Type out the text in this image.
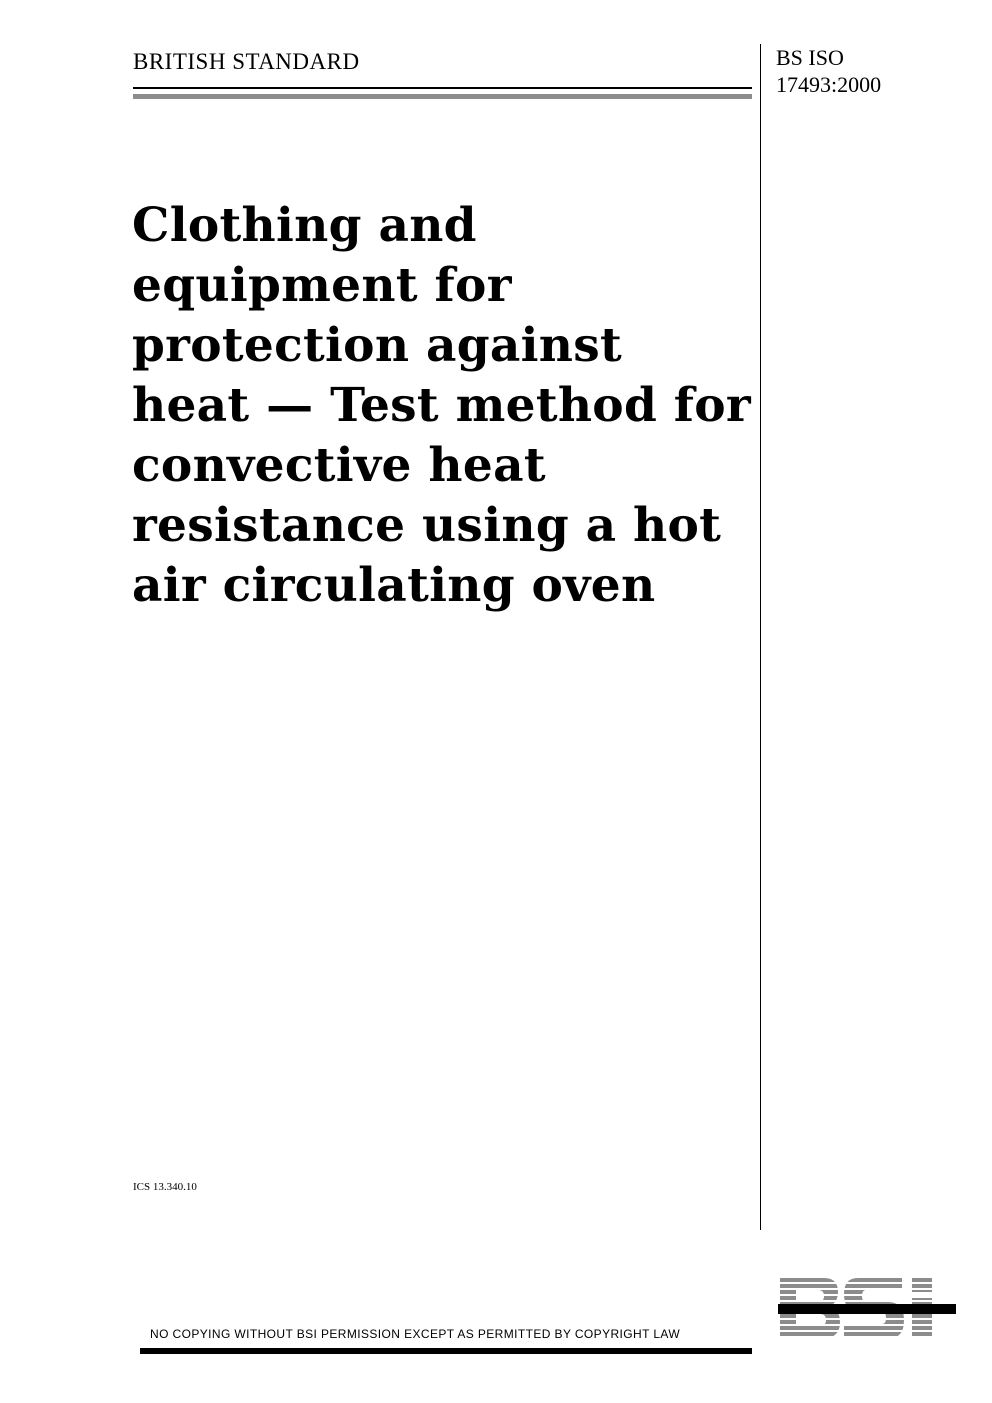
BRITISH STANDARD	BS ISO
17493:2000
Clothing and
equipment for
protection against
heat — Test method for
convective heat
resistance using a hot
air circulating oven
ICS 13.340.10
NO COPYING WITHOUT BSI PERMISSION EXCEPT AS PERMITTED BY COPYRIGHT LAW
